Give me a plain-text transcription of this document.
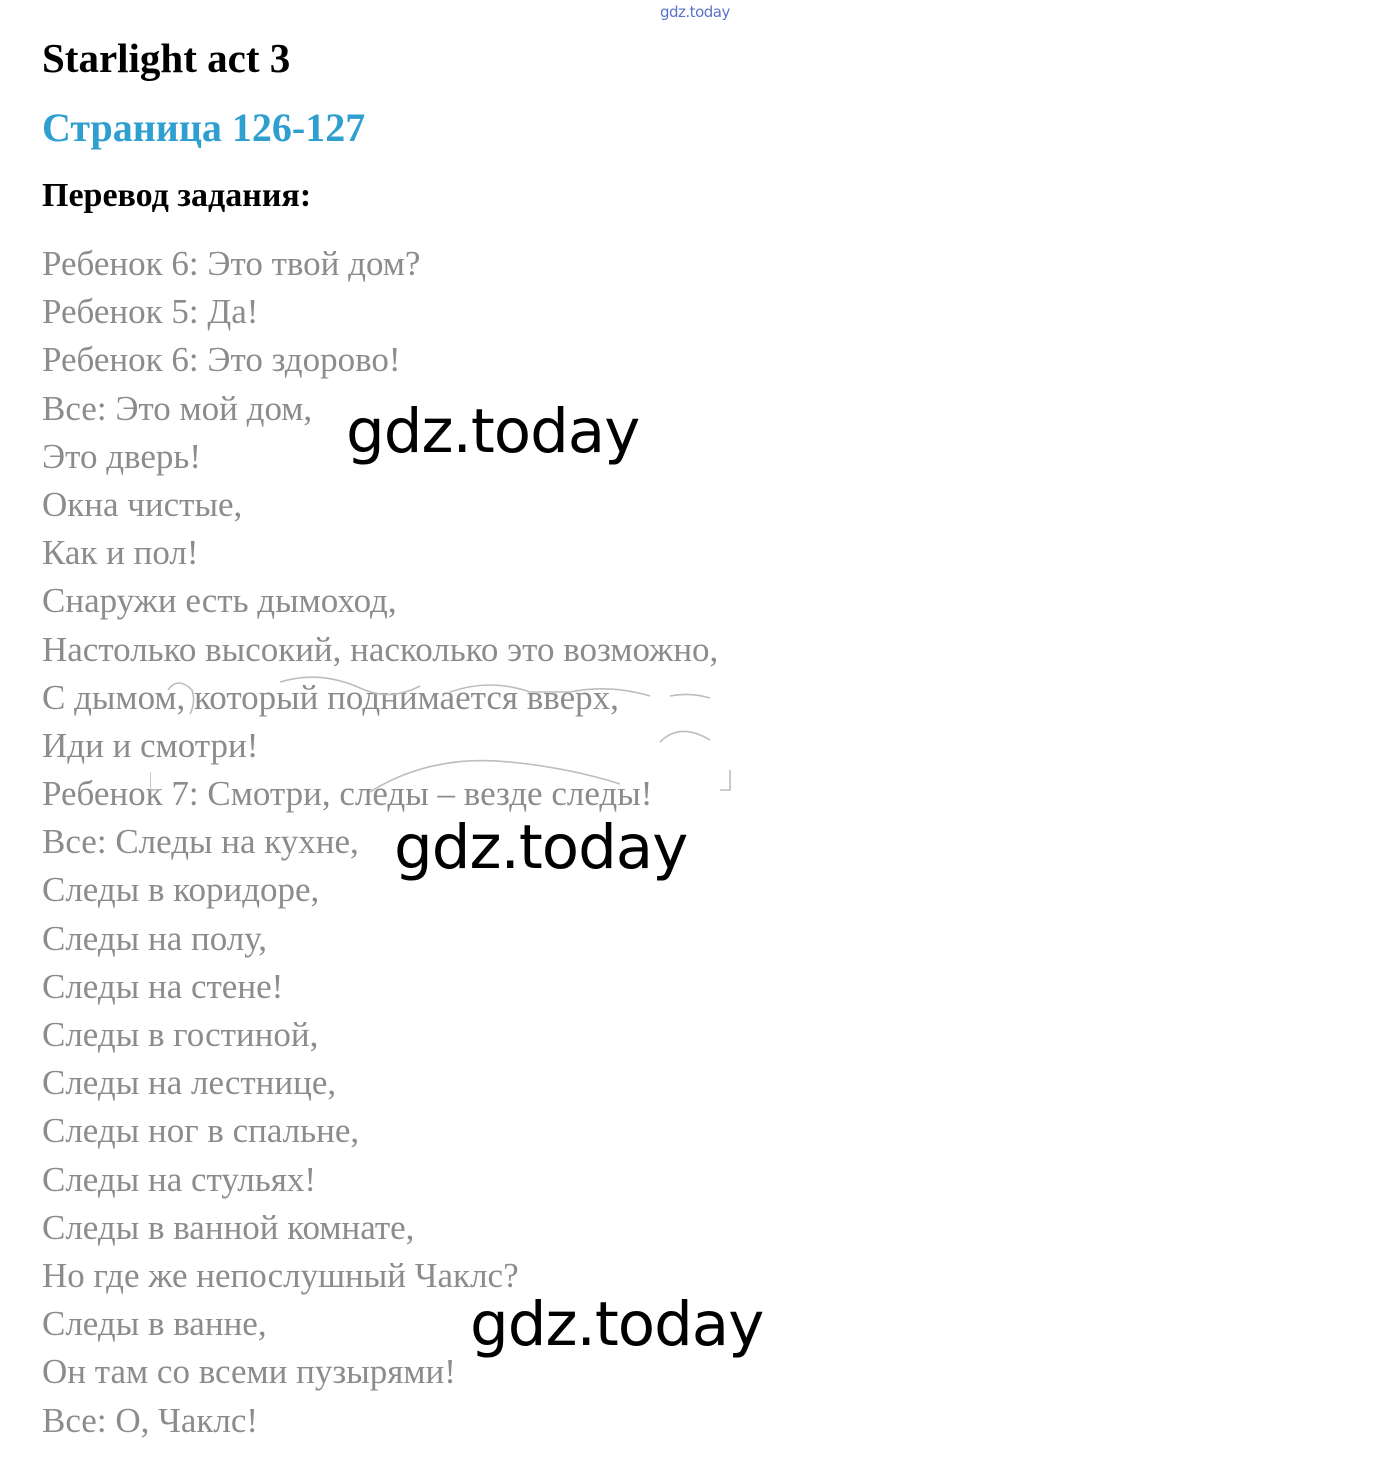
gdz.today
Starlight act 3
Страница 126-127
Перевод задания:
Ребенок 6: Это твой дом?
Ребенок 5: Да!
Ребенок 6: Это здорово!
Все: Это мой дом,
Это дверь!
Окна чистые,
Как и пол!
Снаружи есть дымоход,
Настолько высокий, насколько это возможно,
С дымом, который поднимается вверх,
Иди и смотри!
Ребенок 7: Смотри, следы – везде следы!
Все: Следы на кухне,
Следы в коридоре,
Следы на полу,
Следы на стене!
Следы в гостиной,
Следы на лестнице,
Следы ног в спальне,
Следы на стульях!
Следы в ванной комнате,
Но где же непослушный Чаклс?
Следы в ванне,
Он там со всеми пузырями!
Все: О, Чаклс!
gdz.today
gdz.today
gdz.today
